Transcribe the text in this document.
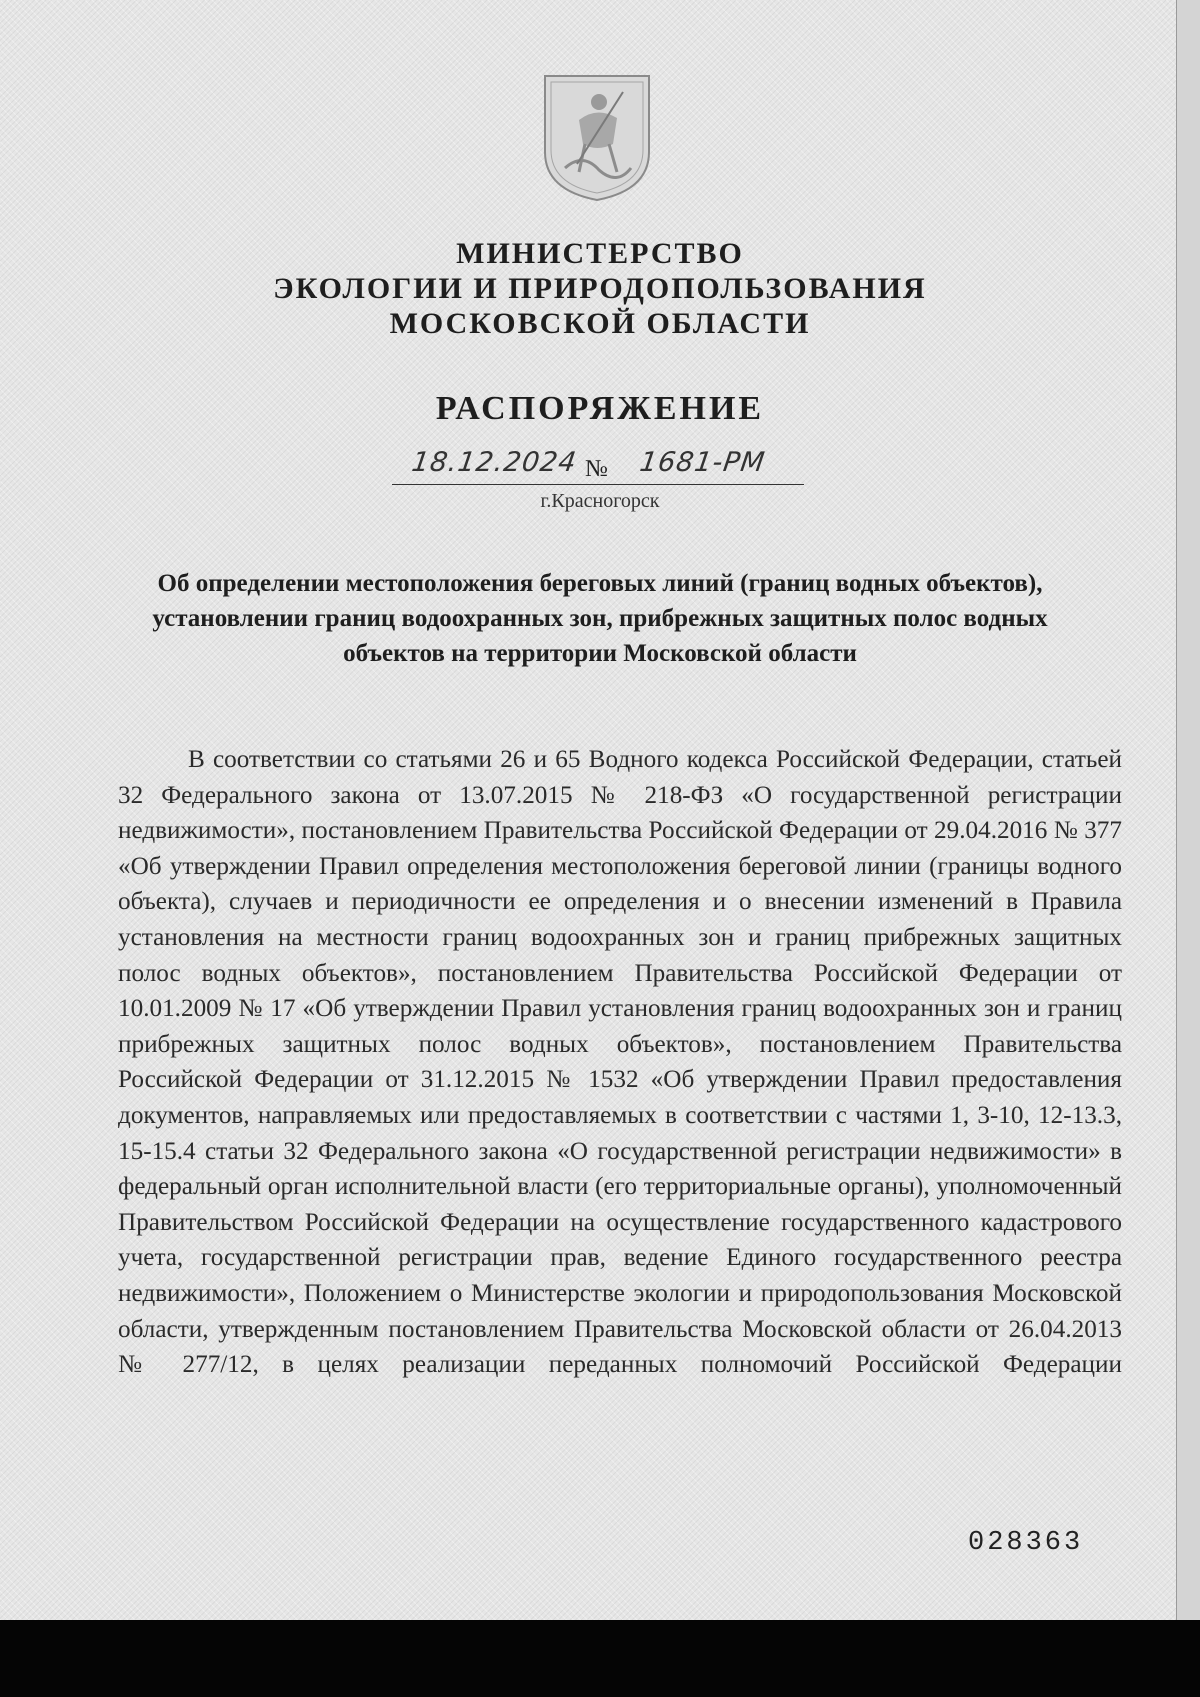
МИНИСТЕРСТВО
ЭКОЛОГИИ И ПРИРОДОПОЛЬЗОВАНИЯ
МОСКОВСКОЙ ОБЛАСТИ
РАСПОРЯЖЕНИЕ
18.12.2024 № 1681-РМ
г.Красногорск
Об определении местоположения береговых линий (границ водных объектов), установлении границ водоохранных зон, прибрежных защитных полос водных объектов на территории Московской области

В соответствии со статьями 26 и 65 Водного кодекса Российской Федерации, статьей 32 Федерального закона от 13.07.2015 № 218-ФЗ «О государственной регистрации недвижимости», постановлением Правительства Российской Федерации от 29.04.2016 № 377 «Об утверждении Правил определения местоположения береговой линии (границы водного объекта), случаев и периодичности ее определения и о внесении изменений в Правила установления на местности границ водоохранных зон и границ прибрежных защитных полос водных объектов», постановлением Правительства Российской Федерации от 10.01.2009 № 17 «Об утверждении Правил установления границ водоохранных зон и границ прибрежных защитных полос водных объектов», постановлением Правительства Российской Федерации от 31.12.2015 № 1532 «Об утверждении Правил предоставления документов, направляемых или предоставляемых в соответствии с частями 1, 3-10, 12-13.3, 15-15.4 статьи 32 Федерального закона «О государственной регистрации недвижимости» в федеральный орган исполнительной власти (его территориальные органы), уполномоченный Правительством Российской Федерации на осуществление государственного кадастрового учета, государственной регистрации прав, ведение Единого государственного реестра недвижимости», Положением о Министерстве экологии и природопользования Московской области, утвержденным постановлением Правительства Московской области от 26.04.2013 № 277/12, в целях реализации переданных полномочий Российской Федерации

028363
